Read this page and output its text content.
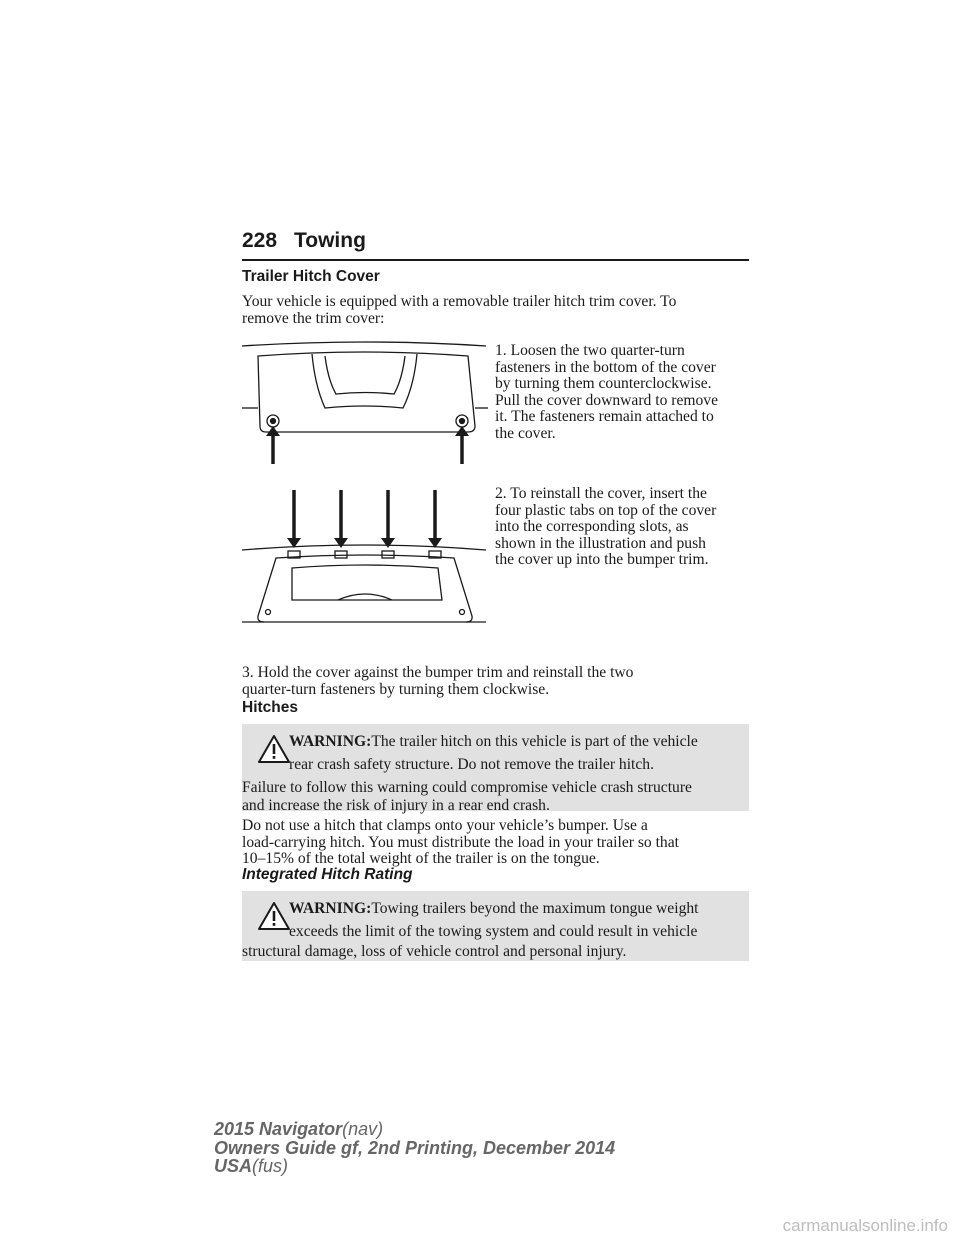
228 Towing
Trailer Hitch Cover
Your vehicle is equipped with a removable trailer hitch trim cover. To
remove the trim cover:
1. Loosen the two quarter-turn
fasteners in the bottom of the cover
by turning them counterclockwise.
Pull the cover downward to remove
it. The fasteners remain attached to
the cover.
2. To reinstall the cover, insert the
four plastic tabs on top of the cover
into the corresponding slots, as
shown in the illustration and push
the cover up into the bumper trim.
3. Hold the cover against the bumper trim and reinstall the two
quarter-turn fasteners by turning them clockwise.
Hitches
WARNING:The trailer hitch on this vehicle is part of the vehicle
rear crash safety structure. Do not remove the trailer hitch.
Failure to follow this warning could compromise vehicle crash structure
and increase the risk of injury in a rear end crash.
Do not use a hitch that clamps onto your vehicle’s bumper. Use a
load-carrying hitch. You must distribute the load in your trailer so that
10–15% of the total weight of the trailer is on the tongue.
Integrated Hitch Rating
WARNING:Towing trailers beyond the maximum tongue weight
exceeds the limit of the towing system and could result in vehicle
structural damage, loss of vehicle control and personal injury.
2015 Navigator(nav)
Owners Guide gf, 2nd Printing, December 2014
USA(fus)
carmanualsonline.info
